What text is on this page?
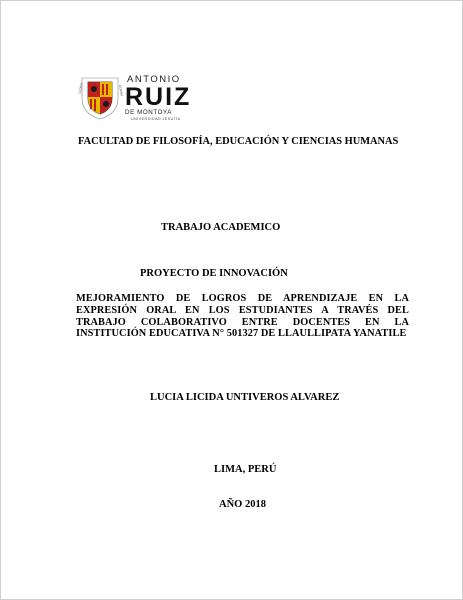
GLORIA	DOMINI
ANTONIO
RUIZ
DE MONTOYA
UNIVERSIDAD JESUITA
FACULTAD DE FILOSOFÍA, EDUCACIÓN Y CIENCIAS HUMANAS
TRABAJO ACADEMICO
PROYECTO DE INNOVACIÓN
MEJORAMIENTO DE LOGROS DE APRENDIZAJE EN LA EXPRESIÓN ORAL EN LOS ESTUDIANTES A TRAVÉS DEL TRABAJO COLABORATIVO ENTRE DOCENTES EN LA INSTITUCIÓN EDUCATIVA N° 501327 DE LLAULLIPATA YANATILE
LUCIA LICIDA UNTIVEROS ALVAREZ
LIMA, PERÚ
AÑO 2018
